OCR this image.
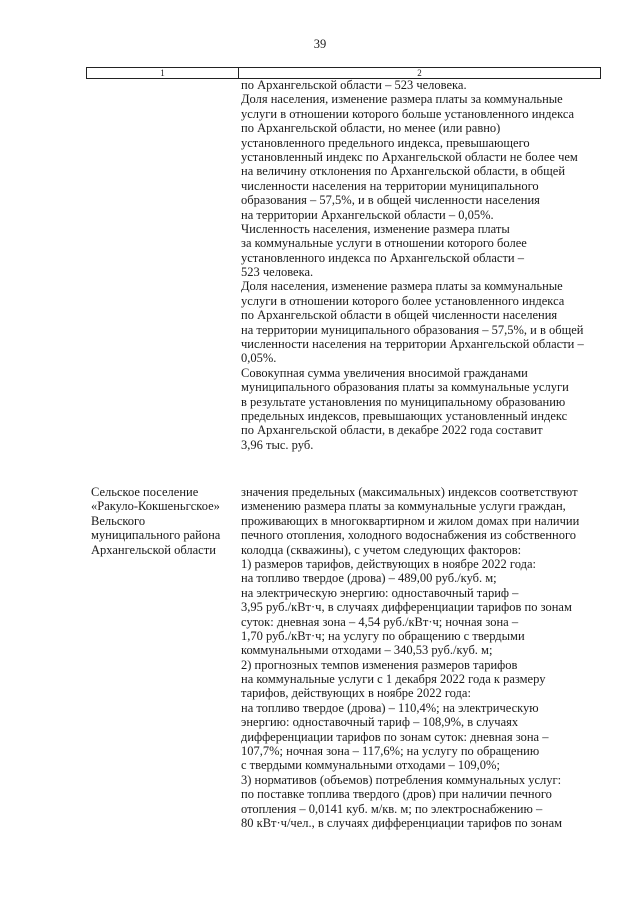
39
1	2
по Архангельской области – 523 человека.
Доля населения, изменение размера платы за коммунальные
услуги в отношении которого больше установленного индекса
по Архангельской области, но менее (или равно)
установленного предельного индекса, превышающего
установленный индекс по Архангельской области не более чем
на величину отклонения по Архангельской области, в общей
численности населения на территории муниципального
образования – 57,5%, и в общей численности населения
на территории Архангельской области – 0,05%.
Численность населения, изменение размера платы
за коммунальные услуги в отношении которого более
установленного индекса по Архангельской области –
523 человека.
Доля населения, изменение размера платы за коммунальные
услуги в отношении которого более установленного индекса
по Архангельской области в общей численности населения
на территории муниципального образования – 57,5%, и в общей
численности населения на территории Архангельской области –
0,05%.
Совокупная сумма увеличения вносимой гражданами
муниципального образования платы за коммунальные услуги
в результате установления по муниципальному образованию
предельных индексов, превышающих установленный индекс
по Архангельской области, в декабре 2022 года составит
3,96 тыс. руб.
Сельское поселение
«Ракуло-Кокшеньгское»
Вельского
муниципального района
Архангельской области
значения предельных (максимальных) индексов соответствуют
изменению размера платы за коммунальные услуги граждан,
проживающих в многоквартирном и жилом домах при наличии
печного отопления, холодного водоснабжения из собственного
колодца (скважины), с учетом следующих факторов:
1) размеров тарифов, действующих в ноябре 2022 года:
на топливо твердое (дрова) – 489,00 руб./куб. м;
на электрическую энергию: одноставочный тариф –
3,95 руб./кВт·ч, в случаях дифференциации тарифов по зонам
суток: дневная зона – 4,54 руб./кВт·ч; ночная зона –
1,70 руб./кВт·ч; на услугу по обращению с твердыми
коммунальными отходами – 340,53 руб./куб. м;
2) прогнозных темпов изменения размеров тарифов
на коммунальные услуги с 1 декабря 2022 года к размеру
тарифов, действующих в ноябре 2022 года:
на топливо твердое (дрова) – 110,4%; на электрическую
энергию: одноставочный тариф – 108,9%, в случаях
дифференциации тарифов по зонам суток: дневная зона –
107,7%; ночная зона – 117,6%; на услугу по обращению
с твердыми коммунальными отходами – 109,0%;
3) нормативов (объемов) потребления коммунальных услуг:
по поставке топлива твердого (дров) при наличии печного
отопления – 0,0141 куб. м/кв. м; по электроснабжению –
80 кВт·ч/чел., в случаях дифференциации тарифов по зонам
